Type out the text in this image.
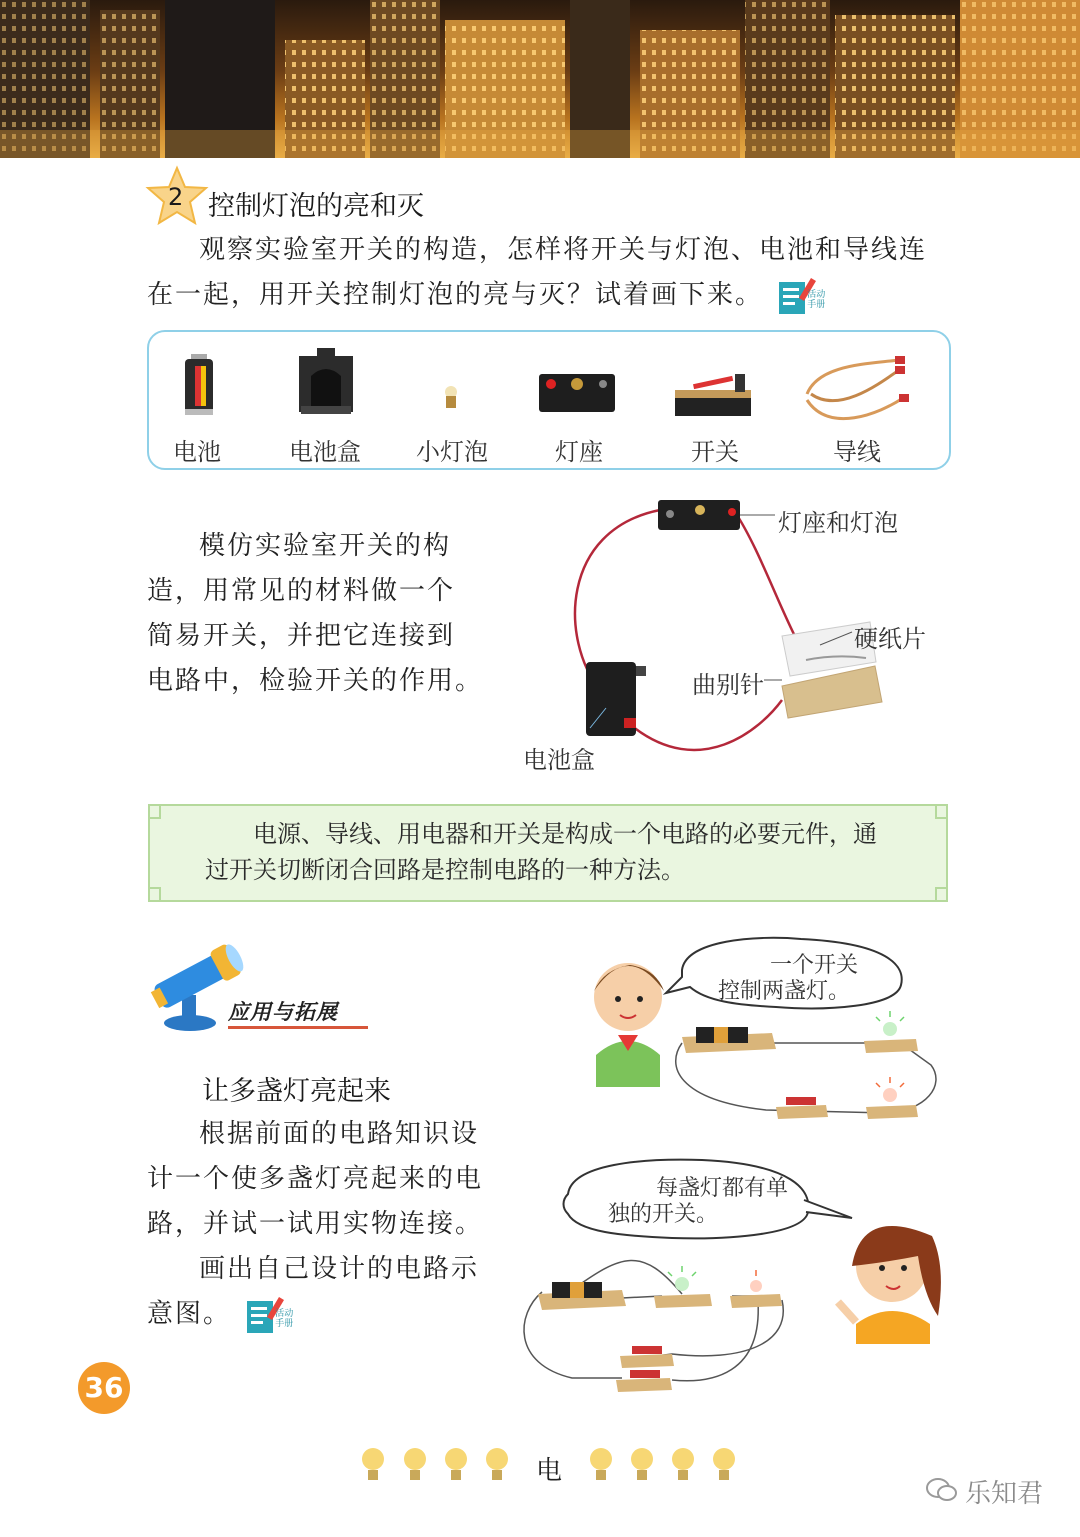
2 控制灯泡的亮和灭
观察实验室开关的构造，怎样将开关与灯泡、电池和导线连
在一起，用开关控制灯泡的亮与灭？试着画下来。	活动
手册
电池	电池盒 小灯泡	灯座	开关	导线
模仿实验室开关的构
造，用常见的材料做一个
简易开关，并把它连接到
电路中，检验开关的作用。
灯座和灯泡
硬纸片
曲别针
电池盒
电源、导线、用电器和开关是构成一个电路的必要元件，通
过开关切断闭合回路是控制电路的一种方法。
应用与拓展
让多盏灯亮起来
根据前面的电路知识设
计一个使多盏灯亮起来的电
路，并试一试用实物连接。
画出自己设计的电路示
意图。	活动
手册
一个开关
控制两盏灯。
每盏灯都有单
独的开关。
36
电
乐知君
